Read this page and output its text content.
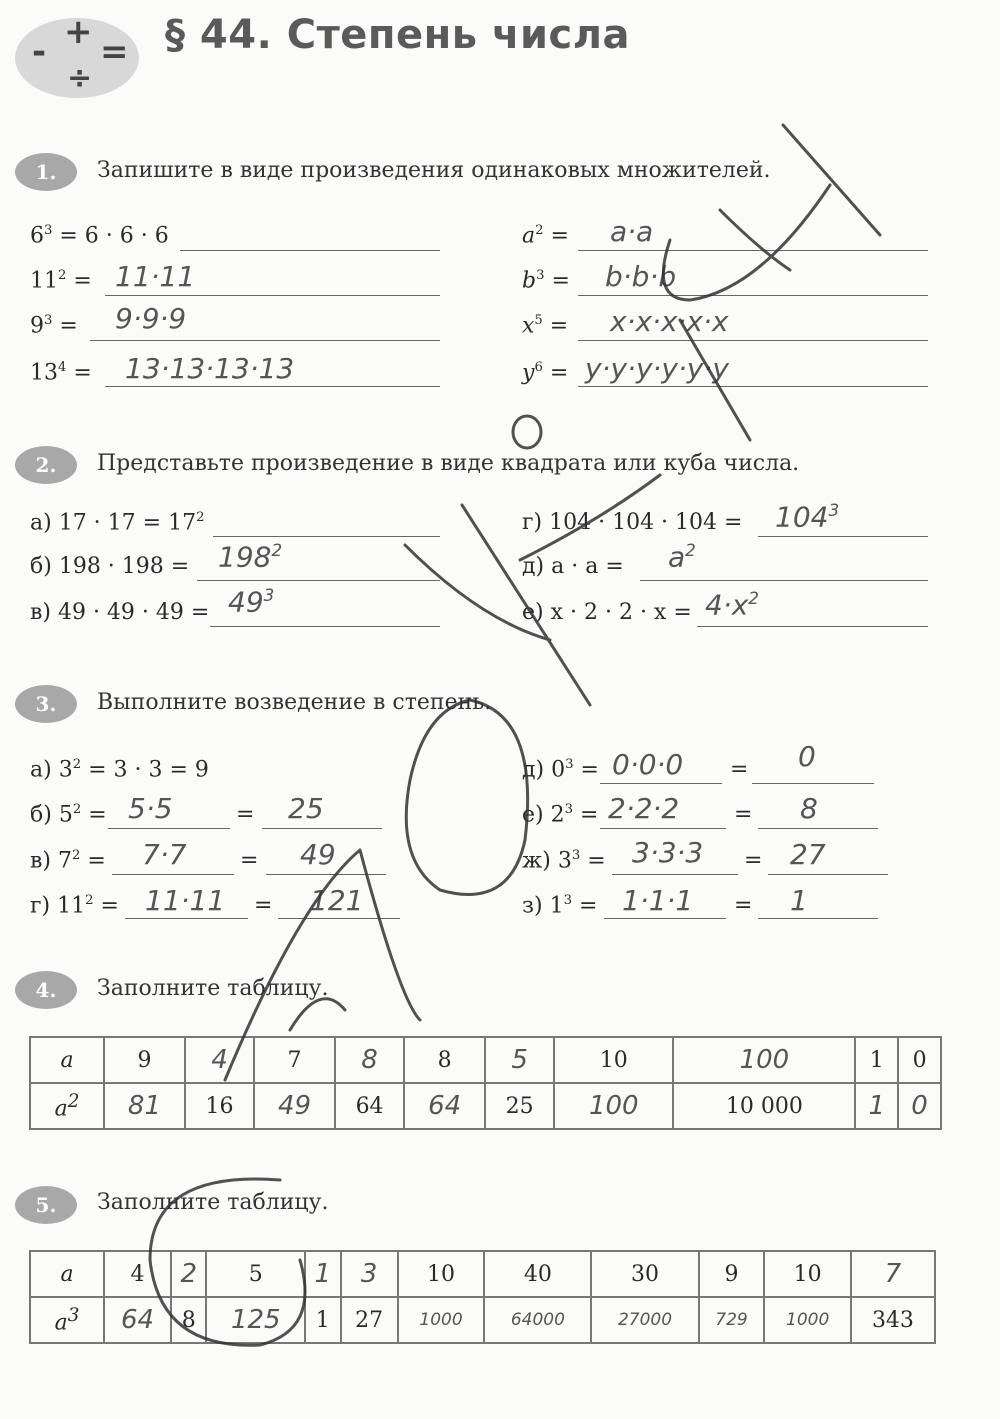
- + =
÷
§ 44. Степень числа
1.	Запишите в виде произведения одинаковых множителей.
2.	Представьте произведение в виде квадрата или куба числа.
3.	Выполните возведение в степень.
4.	Заполните таблицу.
5.	Заполните таблицу.
$6^3 = 6 \cdot 6 \cdot 6$
$11^2 = 11\cdot 11$
$9^3 = 9\cdot 9\cdot 9$
$13^4 = 13\cdot 13\cdot 13\cdot 13$
$a^2 = a\cdot a$
$b^3 = b\cdot b\cdot b$
$x^5 = x\cdot x\cdot x\cdot x\cdot x$
$y^6 = y\cdot y\cdot y\cdot y\cdot y\cdot y$
а) $17 \cdot 17 = 17^2$
б) $198 \cdot 198 = 198^2$
в) $49 \cdot 49 \cdot 49 = 49^3$
г) $104 \cdot 104 \cdot 104 = 104^3$
д) $a \cdot a = a^2$
е) $x \cdot 2 \cdot 2 \cdot x = 4\cdot x^2$
а) $3^2 = 3 \cdot 3 = 9$
б) $5^2$ =	=
5·5	25
в) $7^2$ =	=
7·7	49
г) $11^2$ =	=
11·11	121
д) $0^3$ =	=
0·0·0	0
е) $2^3$ =	=
2·2·2	8
ж) $3^3$ =	=
3·3·3	27
з) $1^3$ =	=
1·1·1	1
a	9	4	7	8	8	5	10	100	1	0
$a^2$	81	16	49	64	64	25	100	10 000	1	0
a	4	2	5	1	3	10	40	30	9	10	7
$a^3$	64	8	125	1	27	1000	64000	27000	729	1000	343
